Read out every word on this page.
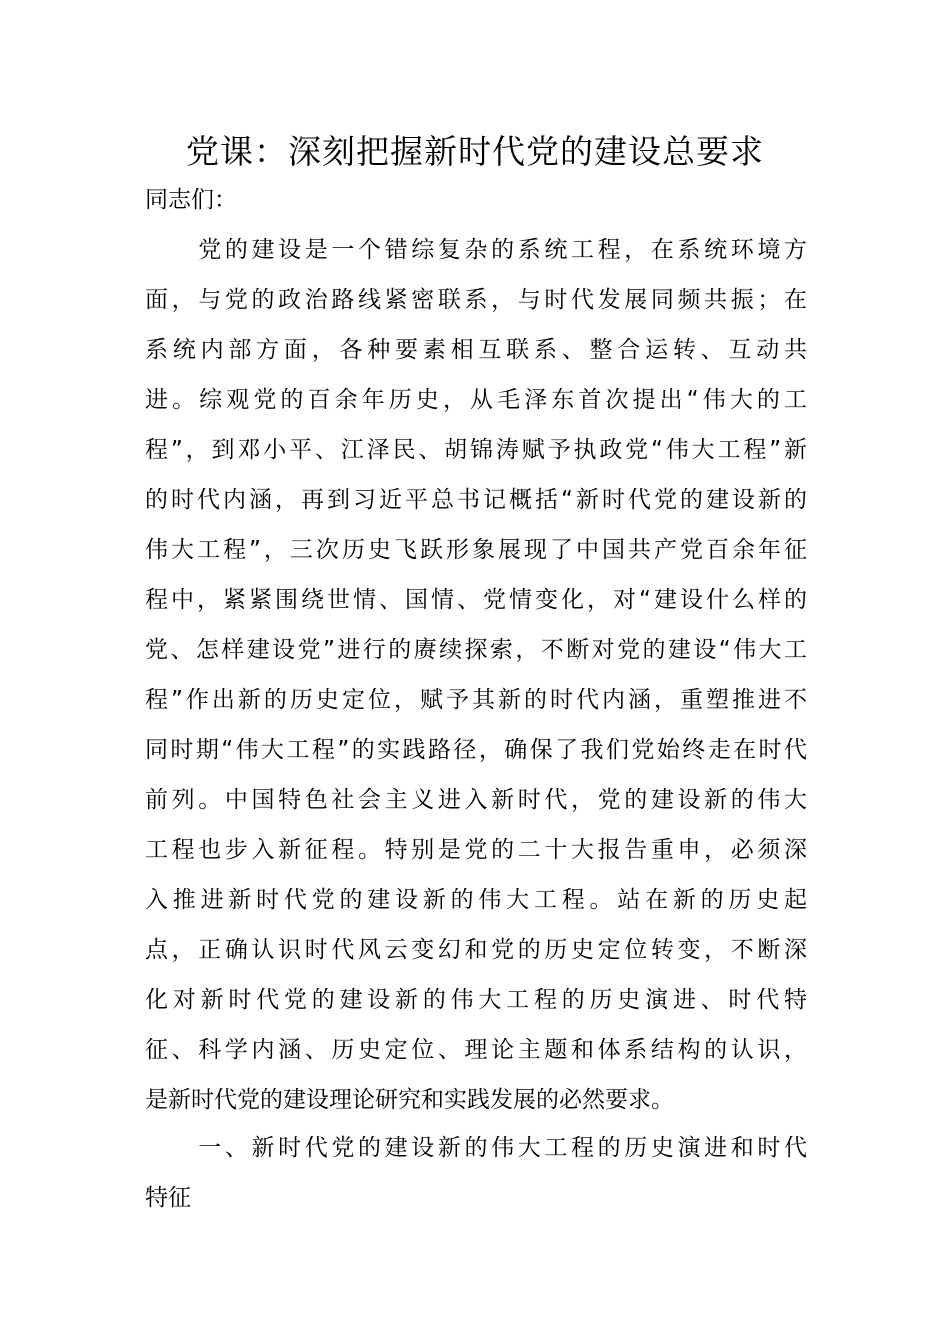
党课：深刻把握新时代党的建设总要求
同志们：
　　党的建设是一个错综复杂的系统工程，在系统环境方
面，与党的政治路线紧密联系，与时代发展同频共振；在
系统内部方面，各种要素相互联系、整合运转、互动共
进。综观党的百余年历史，从毛泽东首次提出“伟大的工
程”，到邓小平、江泽民、胡锦涛赋予执政党“伟大工程”新
的时代内涵，再到习近平总书记概括“新时代党的建设新的
伟大工程”，三次历史飞跃形象展现了中国共产党百余年征
程中，紧紧围绕世情、国情、党情变化，对“建设什么样的
党、怎样建设党”进行的赓续探索，不断对党的建设“伟大工
程”作出新的历史定位，赋予其新的时代内涵，重塑推进不
同时期“伟大工程”的实践路径，确保了我们党始终走在时代
前列。中国特色社会主义进入新时代，党的建设新的伟大
工程也步入新征程。特别是党的二十大报告重申，必须深
入推进新时代党的建设新的伟大工程。站在新的历史起
点，正确认识时代风云变幻和党的历史定位转变，不断深
化对新时代党的建设新的伟大工程的历史演进、时代特
征、科学内涵、历史定位、理论主题和体系结构的认识，
是新时代党的建设理论研究和实践发展的必然要求。
　　一、新时代党的建设新的伟大工程的历史演进和时代
特征
